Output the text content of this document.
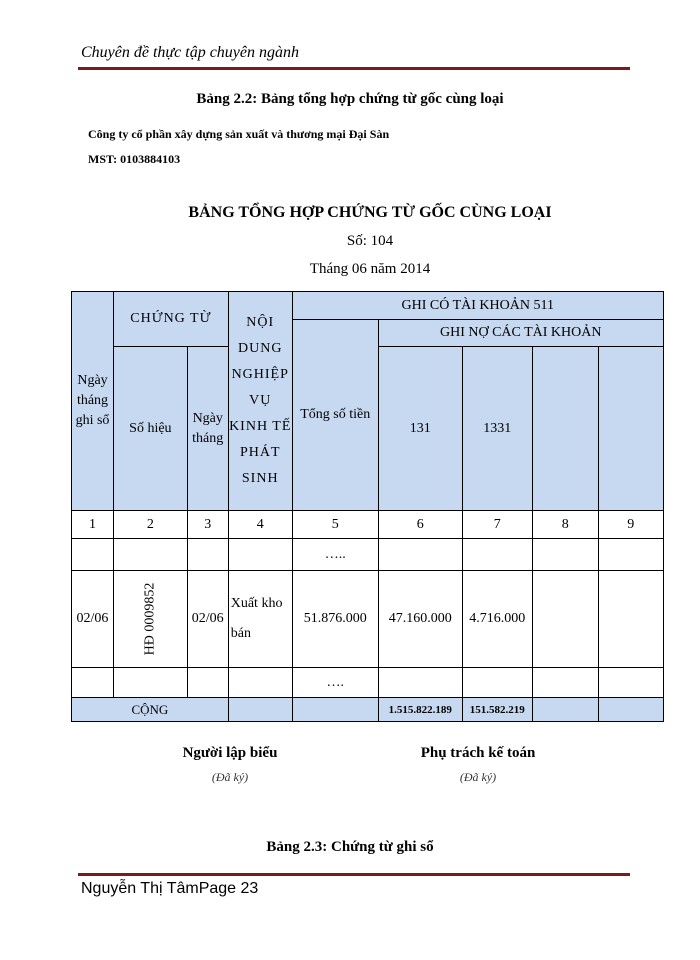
Chuyên đề thực tập chuyên ngành
Bảng 2.2: Bảng tổng hợp chứng từ gốc cùng loại
Công ty cổ phần xây dựng sản xuất và thương mại Đại Sàn
MST: 0103884103
BẢNG TỔNG HỢP CHỨNG TỪ GỐC CÙNG LOẠI
Số: 104
Tháng 06 năm 2014
Ngày tháng ghi sổ	CHỨNG TỪ		NỘI DUNG NGHIỆP VỤ KINH TẾ PHÁT SINH	GHI CÓ TÀI KHOẢN 511				
				Tổng số tiền	GHI NỢ CÁC TÀI KHOẢN			
	Số hiệu	Ngày tháng			131	1331		
1	2	3	4	5	6	7	8	9
				…..				
02/06	HĐ 0009852	02/06	Xuất kho bán	51.876.000	47.160.000	4.716.000		
				….				
CỘNG					1.515.822.189	151.582.219		
Người lập biểu
(Đã ký)
Phụ trách kế toán
(Đã ký)
Bảng 2.3: Chứng từ ghi sổ
Nguyễn Thị TâmPage 23
